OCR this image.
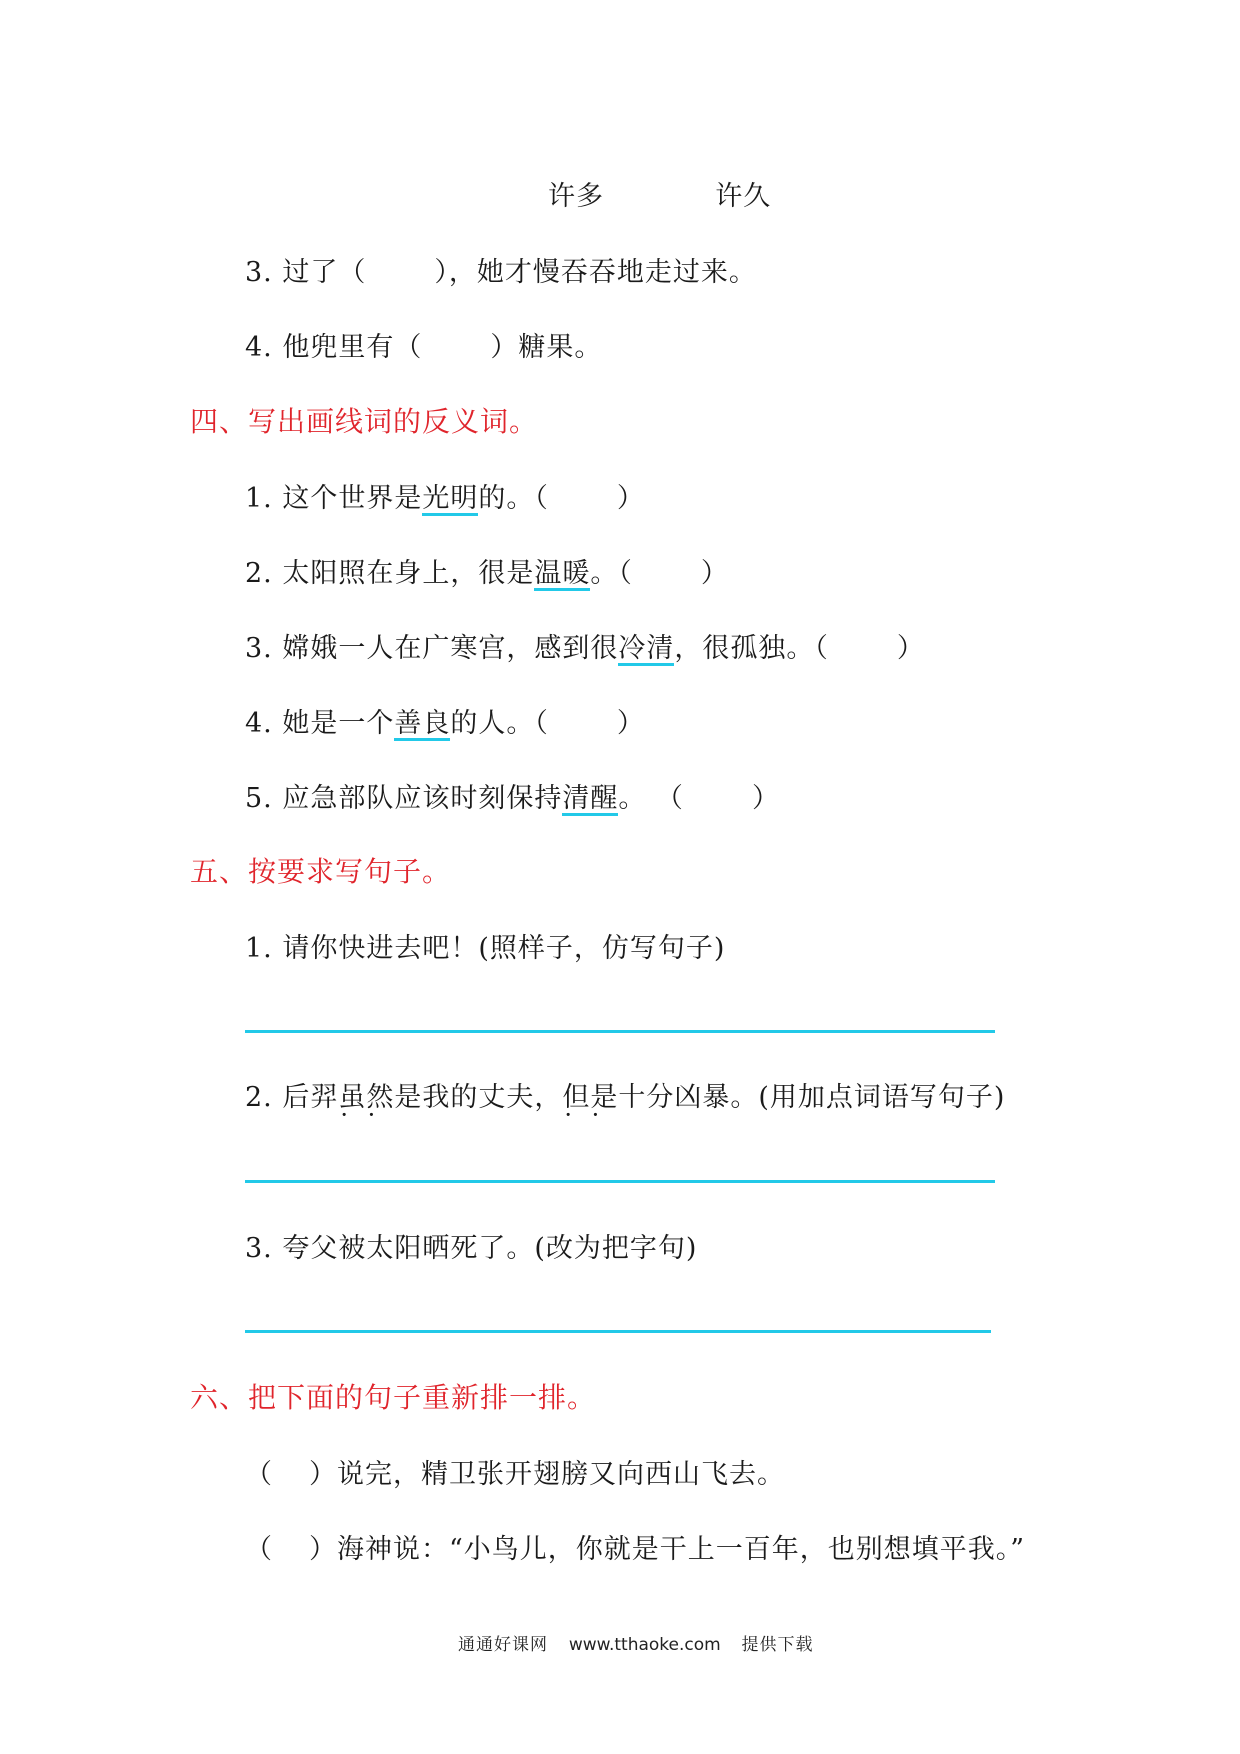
许多	许久
3. 过了（	），她才慢吞吞地走过来。
4. 他兜里有（	）糖果。
四、写出画线词的反义词。
1. 这个世界是光明的。（	）
2. 太阳照在身上，很是温暖。（	）
3. 嫦娥一人在广寒宫，感到很冷清，很孤独。（	）
4. 她是一个善良的人。（	）
5. 应急部队应该时刻保持清醒。 （	）
五、按要求写句子。
1. 请你快进去吧！(照样子，仿写句子)
2. 后羿虽然 · ·是我的丈夫，但是 · ·十分凶暴。(用加点词语写句子)
3. 夸父被太阳晒死了。(改为把字句)
六、把下面的句子重新排一排。
（ ）说完，精卫张开翅膀又向西山飞去。
（ ）海神说：“小鸟儿，你就是干上一百年，也别想填平我。”
通通好课网 www.tthaoke.com 提供下载
